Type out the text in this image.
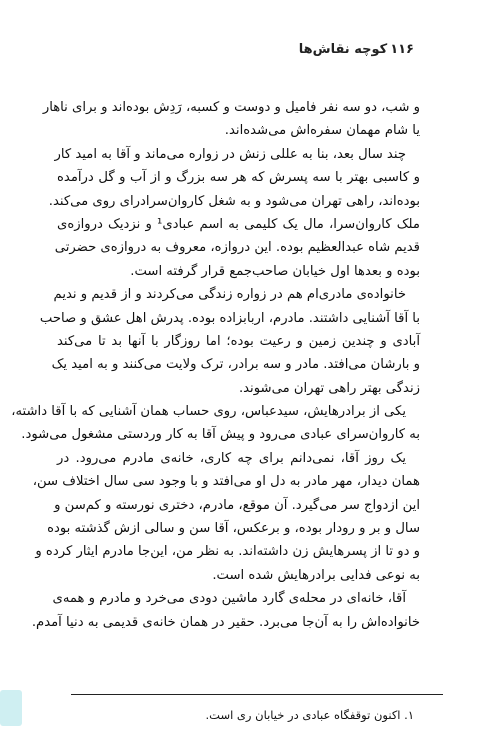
۱۱۶کوچه نقاش‌ها
و شب، دو سه نفر فامیل و دوست و کسبه، رَدِش بوده‌اند و برای ناهار
یا شام مهمان سفره‌اش می‌شده‌اند.
چند سال بعد، بنا به عللی زنش در زواره می‌ماند و آقا به امید کار
و کاسبی بهتر با سه پسرش که هر سه بزرگ و از آب و گل درآمده
بوده‌اند، راهی تهران می‌شود و به شغل کاروان‌سرادرای روی می‌کند.
ملک کاروان‌سرا، مال یک کلیمی به اسم عبادی¹ و نزدیک دروازه‌ی
قدیم شاه عبدالعظیم بوده. این دروازه، معروف به دروازه‌ی حضرتی
بوده و بعدها اول خیابان صاحب‌جمع قرار گرفته است.
خانواده‌ی مادری‌ام هم در زواره زندگی می‌کردند و از قدیم و ندیم
با آقا آشنایی داشتند. مادرم، اربابزاده بوده. پدرش اهل عشق و صاحب
آبادی و چندین زمین و رعیت بوده؛ اما روزگار با آنها بد تا می‌کند
و بارشان می‌افتد. مادر و سه برادر، ترک ولایت می‌کنند و به امید یک
زندگی بهتر راهی تهران می‌شوند.
یکی از برادرهایش، سیدعباس، روی حساب همان آشنایی که با آقا داشته،
به کاروان‌سرای عبادی می‌رود و پیش آقا به کار وردستی مشغول می‌شود.
یک روز آقا، نمی‌دانم برای چه کاری، خانه‌ی مادرم می‌رود. در
همان دیدار، مهر مادر به دل او می‌افتد و با وجود سی سال اختلاف سن،
این ازدواج سر می‌گیرد. آن موقع، مادرم، دختری نورسته و کم‌سن و
سال و بر و رودار بوده، و برعکس، آقا سن و سالی ازش گذشته بوده
و دو تا از پسرهایش زن داشته‌اند. به نظر من، این‌جا مادرم ایثار کرده و
به نوعی فدایی برادرهایش شده است.
آقا، خانه‌ای در محله‌ی گارد ماشین دودی می‌خرد و مادرم و همه‌ی
خانواده‌اش را به آن‌جا می‌برد. حقیر در همان خانه‌ی قدیمی به دنیا آمدم.
۱. اکنون توقفگاه عبادی در خیابان ری است.
